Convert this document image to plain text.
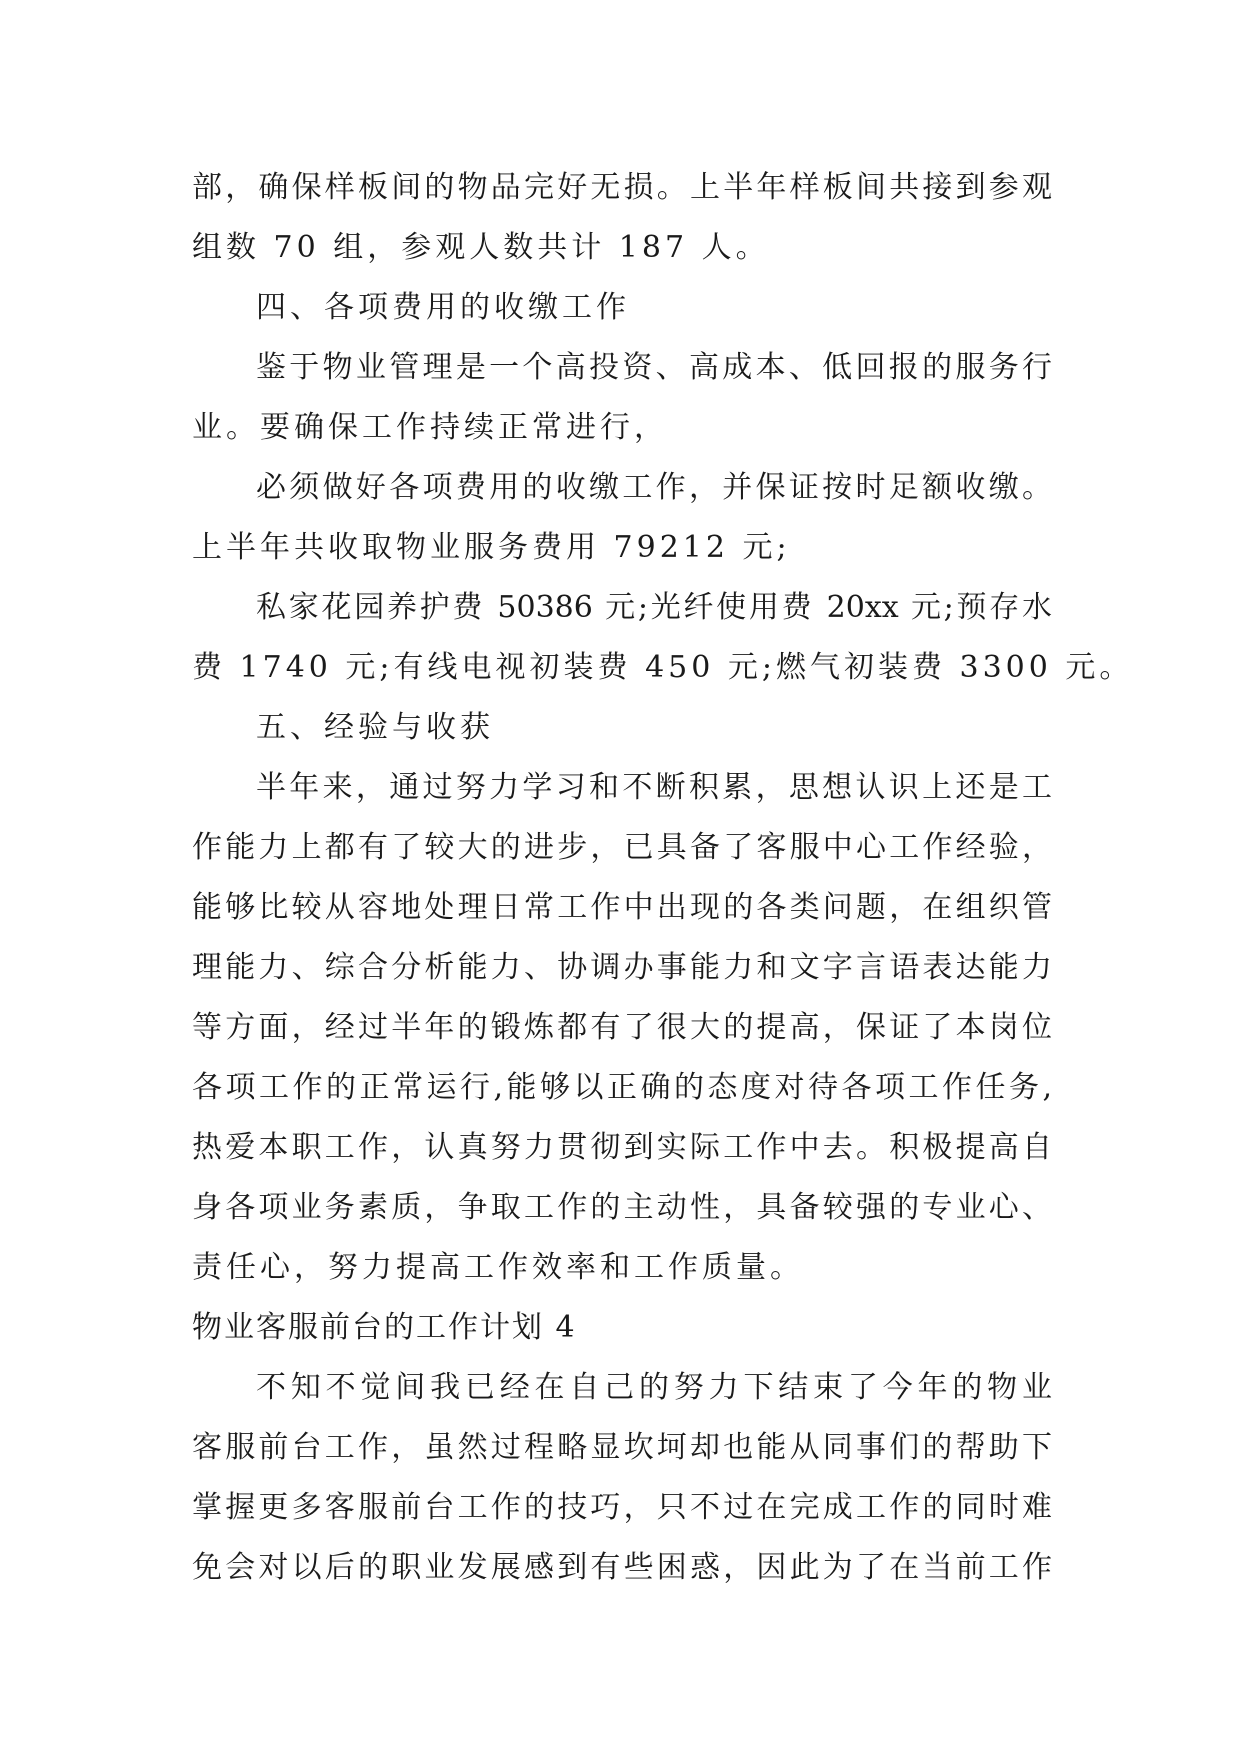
部，确保样板间的物品完好无损。上半年样板间共接到参观
组数 70 组，参观人数共计 187 人。
四、各项费用的收缴工作
鉴于物业管理是一个高投资、高成本、低回报的服务行
业。要确保工作持续正常进行，
必须做好各项费用的收缴工作，并保证按时足额收缴。
上半年共收取物业服务费用 79212 元;
私家花园养护费 50386 元;光纤使用费 20xx 元;预存水
费 1740 元;有线电视初装费 450 元;燃气初装费 3300 元。
五、经验与收获
半年来，通过努力学习和不断积累，思想认识上还是工
作能力上都有了较大的进步，已具备了客服中心工作经验，
能够比较从容地处理日常工作中出现的各类问题，在组织管
理能力、综合分析能力、协调办事能力和文字言语表达能力
等方面，经过半年的锻炼都有了很大的提高，保证了本岗位
各项工作的正常运行,能够以正确的态度对待各项工作任务,
热爱本职工作，认真努力贯彻到实际工作中去。积极提高自
身各项业务素质，争取工作的主动性，具备较强的专业心、
责任心，努力提高工作效率和工作质量。
物业客服前台的工作计划 4
不知不觉间我已经在自己的努力下结束了今年的物业
客服前台工作，虽然过程略显坎坷却也能从同事们的帮助下
掌握更多客服前台工作的技巧，只不过在完成工作的同时难
免会对以后的职业发展感到有些困惑，因此为了在当前工作
